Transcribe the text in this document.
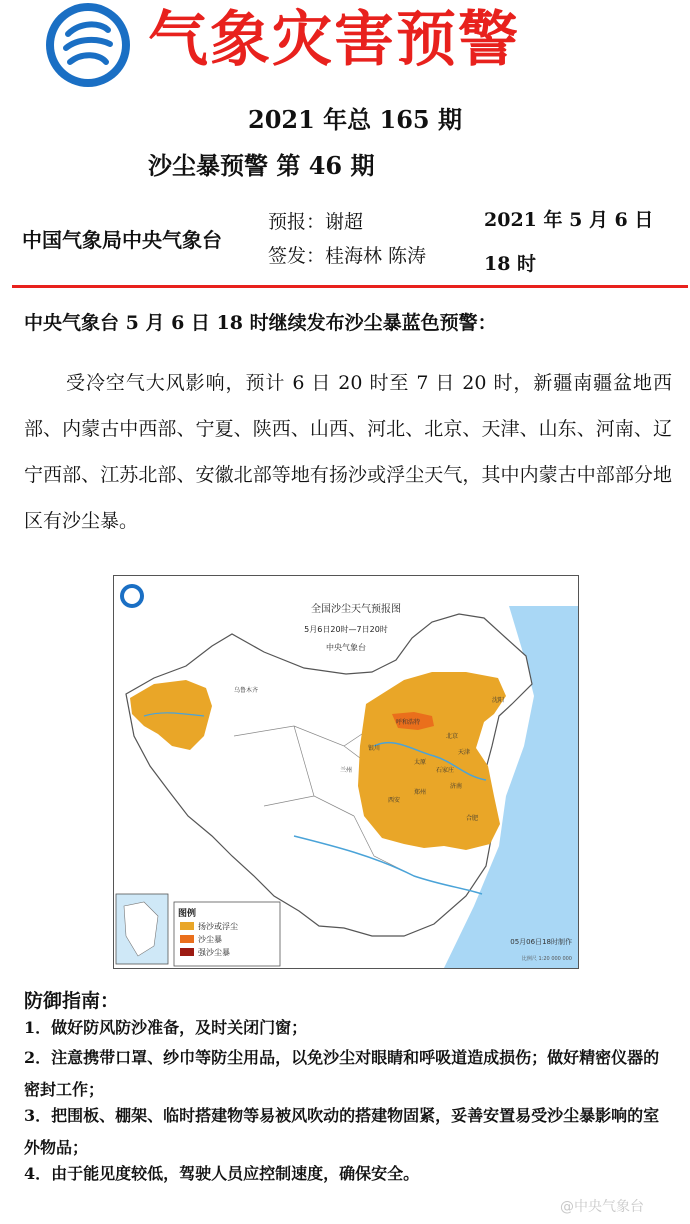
气象灾害预警
2021 年总 165 期
沙尘暴预警 第 46 期
中国气象局中央气象台
预报：谢超
签发：桂海林 陈涛
2021 年 5 月 6 日 18 时
中央气象台 5 月 6 日 18 时继续发布沙尘暴蓝色预警：
受冷空气大风影响，预计 6 日 20 时至 7 日 20 时，新疆南疆盆地西部、内蒙古中西部、宁夏、陕西、山西、河北、北京、天津、山东、河南、辽宁西部、江苏北部、安徽北部等地有扬沙或浮尘天气，其中内蒙古中部部分地区有沙尘暴。
全国沙尘天气预报图
5月6日20时—7日20时
中央气象台
乌鲁木齐
呼和浩特
北京
天津
太原
石家庄
济南
西安
银川
兰州
郑州
沈阳
合肥
图例
扬沙或浮尘
沙尘暴
强沙尘暴
05月06日18时制作
比例尺 1:20 000 000
防御指南：
1．做好防风防沙准备，及时关闭门窗；
2．注意携带口罩、纱巾等防尘用品，以免沙尘对眼睛和呼吸道造成损伤；做好精密仪器的密封工作；
3．把围板、棚架、临时搭建物等易被风吹动的搭建物固紧，妥善安置易受沙尘暴影响的室外物品；
4．由于能见度较低，驾驶人员应控制速度，确保安全。
@中央气象台
